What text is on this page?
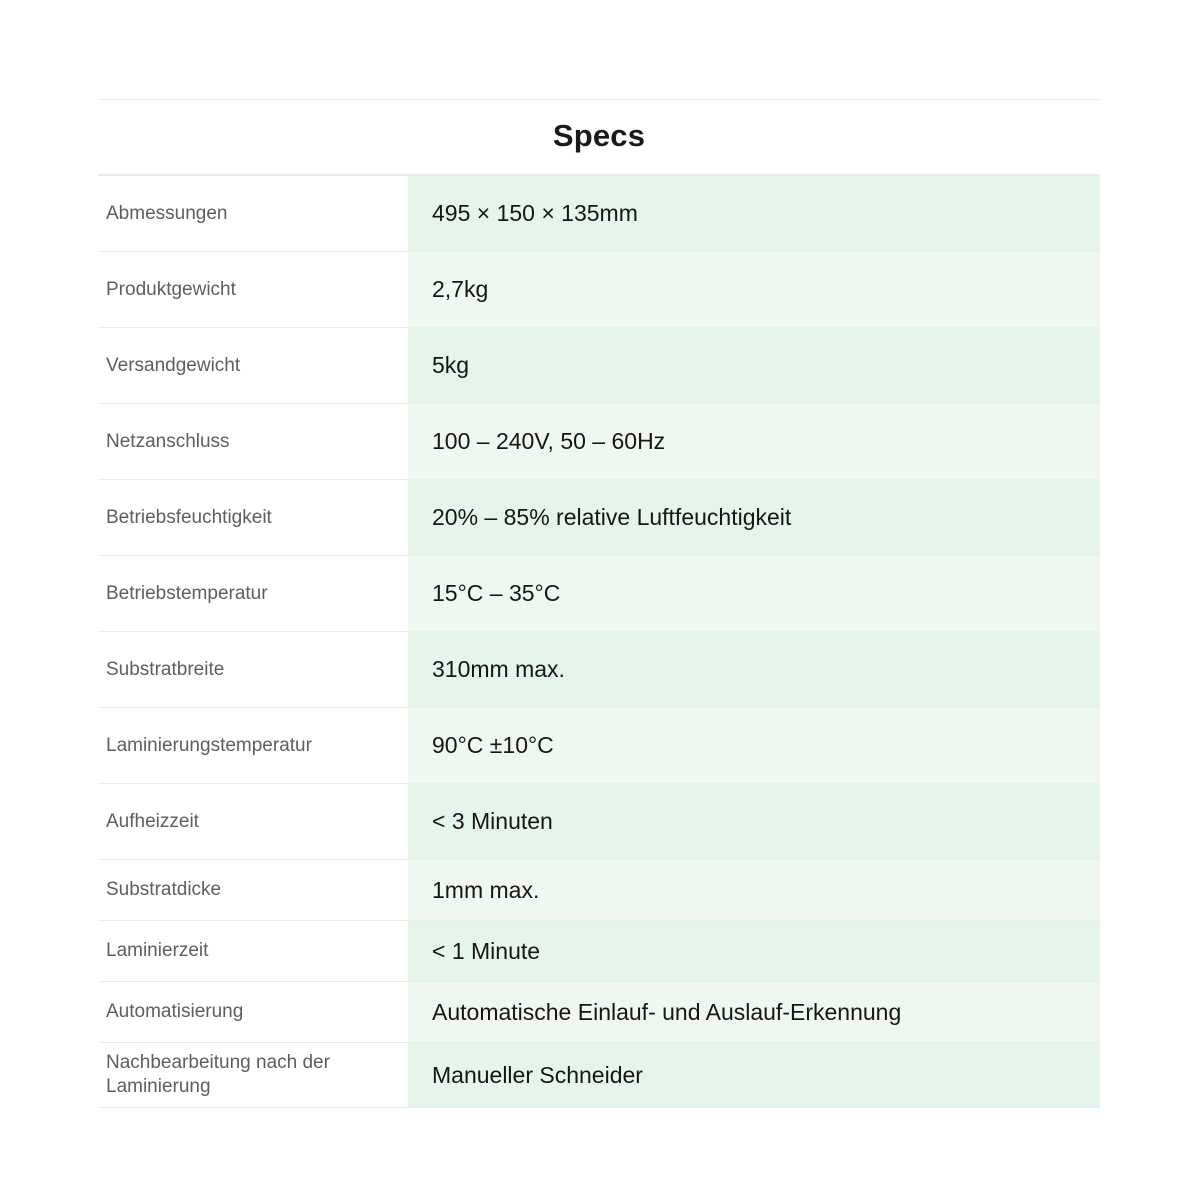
Specs
Abmessungen	495 × 150 × 135mm
Produktgewicht	2,7kg
Versandgewicht	5kg
Netzanschluss	100 – 240V, 50 – 60Hz
Betriebsfeuchtigkeit	20% – 85% relative Luftfeuchtigkeit
Betriebstemperatur	15°C – 35°C
Substratbreite	310mm max.
Laminierungstemperatur	90°C ±10°C
Aufheizzeit	< 3 Minuten
Substratdicke	1mm max.
Laminierzeit	< 1 Minute
Automatisierung	Automatische Einlauf- und Auslauf-Erkennung
Nachbearbeitung nach der Laminierung	Manueller Schneider
